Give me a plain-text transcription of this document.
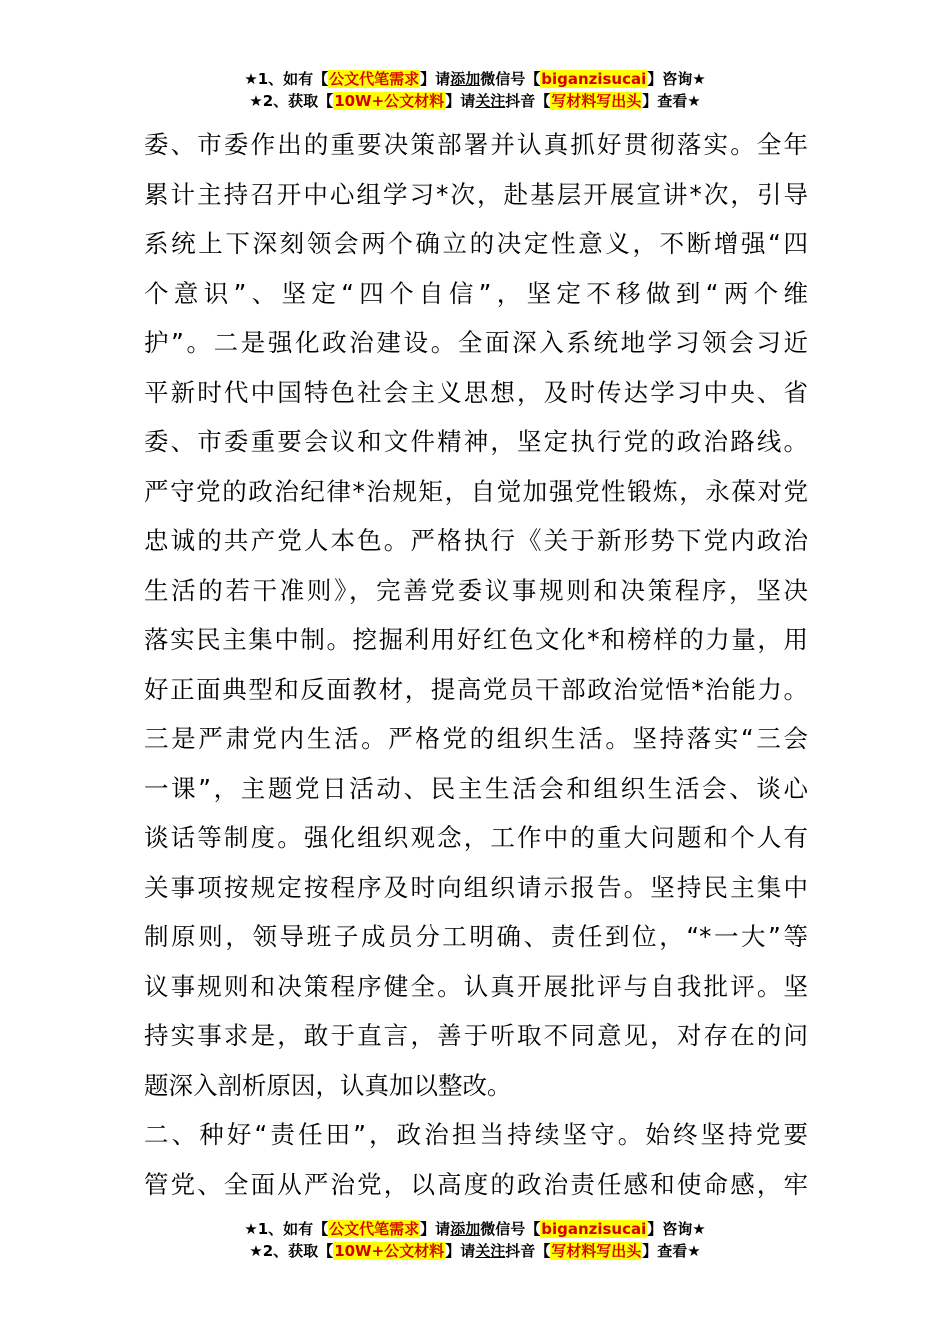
★1、如有【公文代笔需求】请添加微信号【biganzisucai】咨询★
★2、获取【10W+公文材料】请关注抖音【写材料写出头】查看★
委、市委作出的重要决策部署并认真抓好贯彻落实。全年
累计主持召开中心组学习*次，赴基层开展宣讲*次，引导
系统上下深刻领会两个确立的决定性意义，不断增强“四
个意识”、坚定“四个自信”，坚定不移做到“两个维
护”。二是强化政治建设。全面深入系统地学习领会习近
平新时代中国特色社会主义思想，及时传达学习中央、省
委、市委重要会议和文件精神，坚定执行党的政治路线。
严守党的政治纪律*治规矩，自觉加强党性锻炼，永葆对党
忠诚的共产党人本色。严格执行《关于新形势下党内政治
生活的若干准则》，完善党委议事规则和决策程序，坚决
落实民主集中制。挖掘利用好红色文化*和榜样的力量，用
好正面典型和反面教材，提高党员干部政治觉悟*治能力。
三是严肃党内生活。严格党的组织生活。坚持落实“三会
一课”，主题党日活动、民主生活会和组织生活会、谈心
谈话等制度。强化组织观念，工作中的重大问题和个人有
关事项按规定按程序及时向组织请示报告。坚持民主集中
制原则，领导班子成员分工明确、责任到位，“*一大”等
议事规则和决策程序健全。认真开展批评与自我批评。坚
持实事求是，敢于直言，善于听取不同意见，对存在的问
题深入剖析原因，认真加以整改。
二、种好“责任田”，政治担当持续坚守。始终坚持党要
管党、全面从严治党，以高度的政治责任感和使命感，牢
★1、如有【公文代笔需求】请添加微信号【biganzisucai】咨询★
★2、获取【10W+公文材料】请关注抖音【写材料写出头】查看★
